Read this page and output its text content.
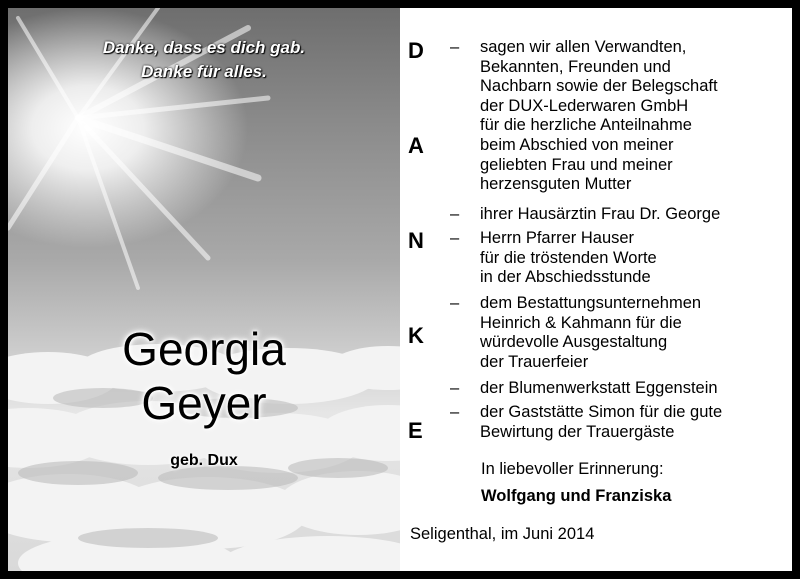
Danke, dass es dich gab.
Danke für alles.
Georgia
Geyer
geb. Dux
D
A
N
K
E
–	sagen wir allen Verwandten,
Bekannten, Freunden und
Nachbarn sowie der Belegschaft
der DUX-Lederwaren GmbH
für die herzliche Anteilnahme
beim Abschied von meiner
geliebten Frau und meiner
herzensguten Mutter
–	ihrer Hausärztin Frau Dr. George
–	Herrn Pfarrer Hauser
für die tröstenden Worte
in der Abschiedsstunde
–	dem Bestattungsunternehmen
Heinrich & Kahmann für die
würdevolle Ausgestaltung
der Trauerfeier
–	der Blumenwerkstatt Eggenstein
–	der Gaststätte Simon für die gute
Bewirtung der Trauergäste
In liebevoller Erinnerung:
Wolfgang und Franziska
Seligenthal, im Juni 2014
